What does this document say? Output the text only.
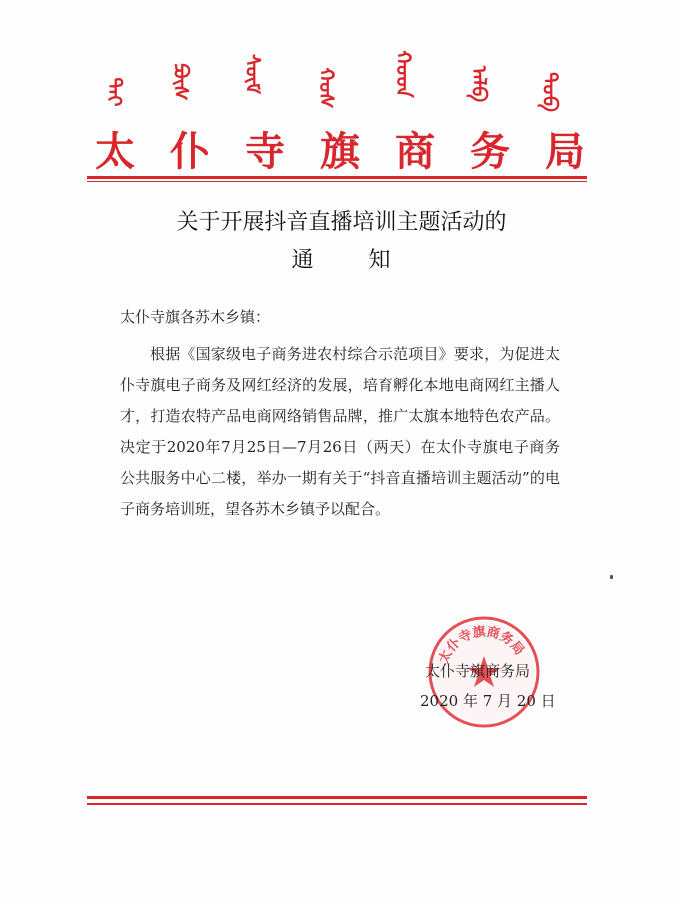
ᠳᠠᠢ ᠫᠦᠰ ᠰᠥᠮ ᠬᠣᠰ	ᠬᠣᠳ	ᠠᠯᠪ ᠲᠣᠪ
太 仆 寺 旗 商 务 局
关于开展抖音直播培训主题活动的
通 知
太仆寺旗各苏木乡镇：
根据《国家级电子商务进农村综合示范项目》要求，为促进太仆寺旗电子商务及网红经济的发展，培育孵化本地电商网红主播人才，打造农特产品电商网络销售品牌，推广太旗本地特色农产品。决定于2020年7月25日—7月26日（两天）在太仆寺旗电子商务公共服务中心二楼，举办一期有关于“抖音直播培训主题活动”的电子商务培训班，望各苏木乡镇予以配合。
太仆寺旗商务局
太仆寺旗商务局
2020 年 7 月 20 日
